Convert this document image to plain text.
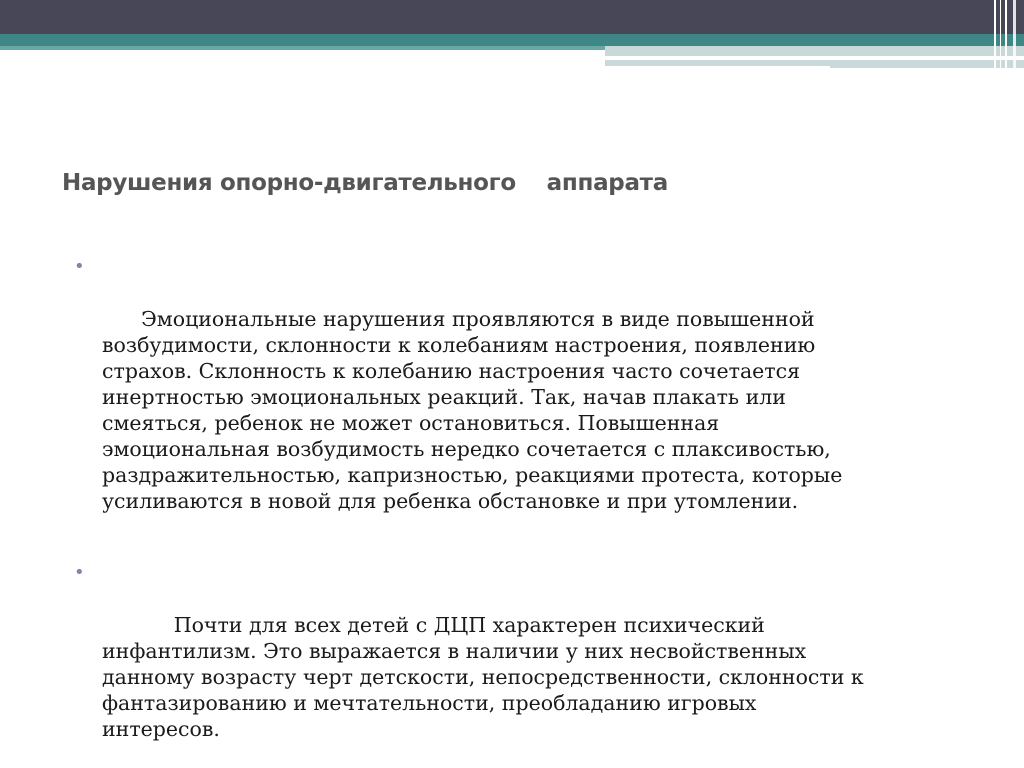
Нарушения опорно-двигательного    аппарата

•

Эмоциональные нарушения проявляются в виде повышенной
возбудимости, склонности к колебаниям настроения, появлению
страхов. Склонность к колебанию настроения часто сочетается
инертностью эмоциональных реакций. Так, начав плакать или
смеяться, ребенок не может остановиться. Повышенная
эмоциональная возбудимость нередко сочетается с плаксивостью,
раздражительностью, капризностью, реакциями протеста, которые
усиливаются в новой для ребенка обстановке и при утомлении.

•

Почти для всех детей с ДЦП характерен психический
инфантилизм. Это выражается в наличии у них несвойственных
данному возрасту черт детскости, непосредственности, склонности к
фантазированию и мечтательности, преобладанию игровых
интересов.
